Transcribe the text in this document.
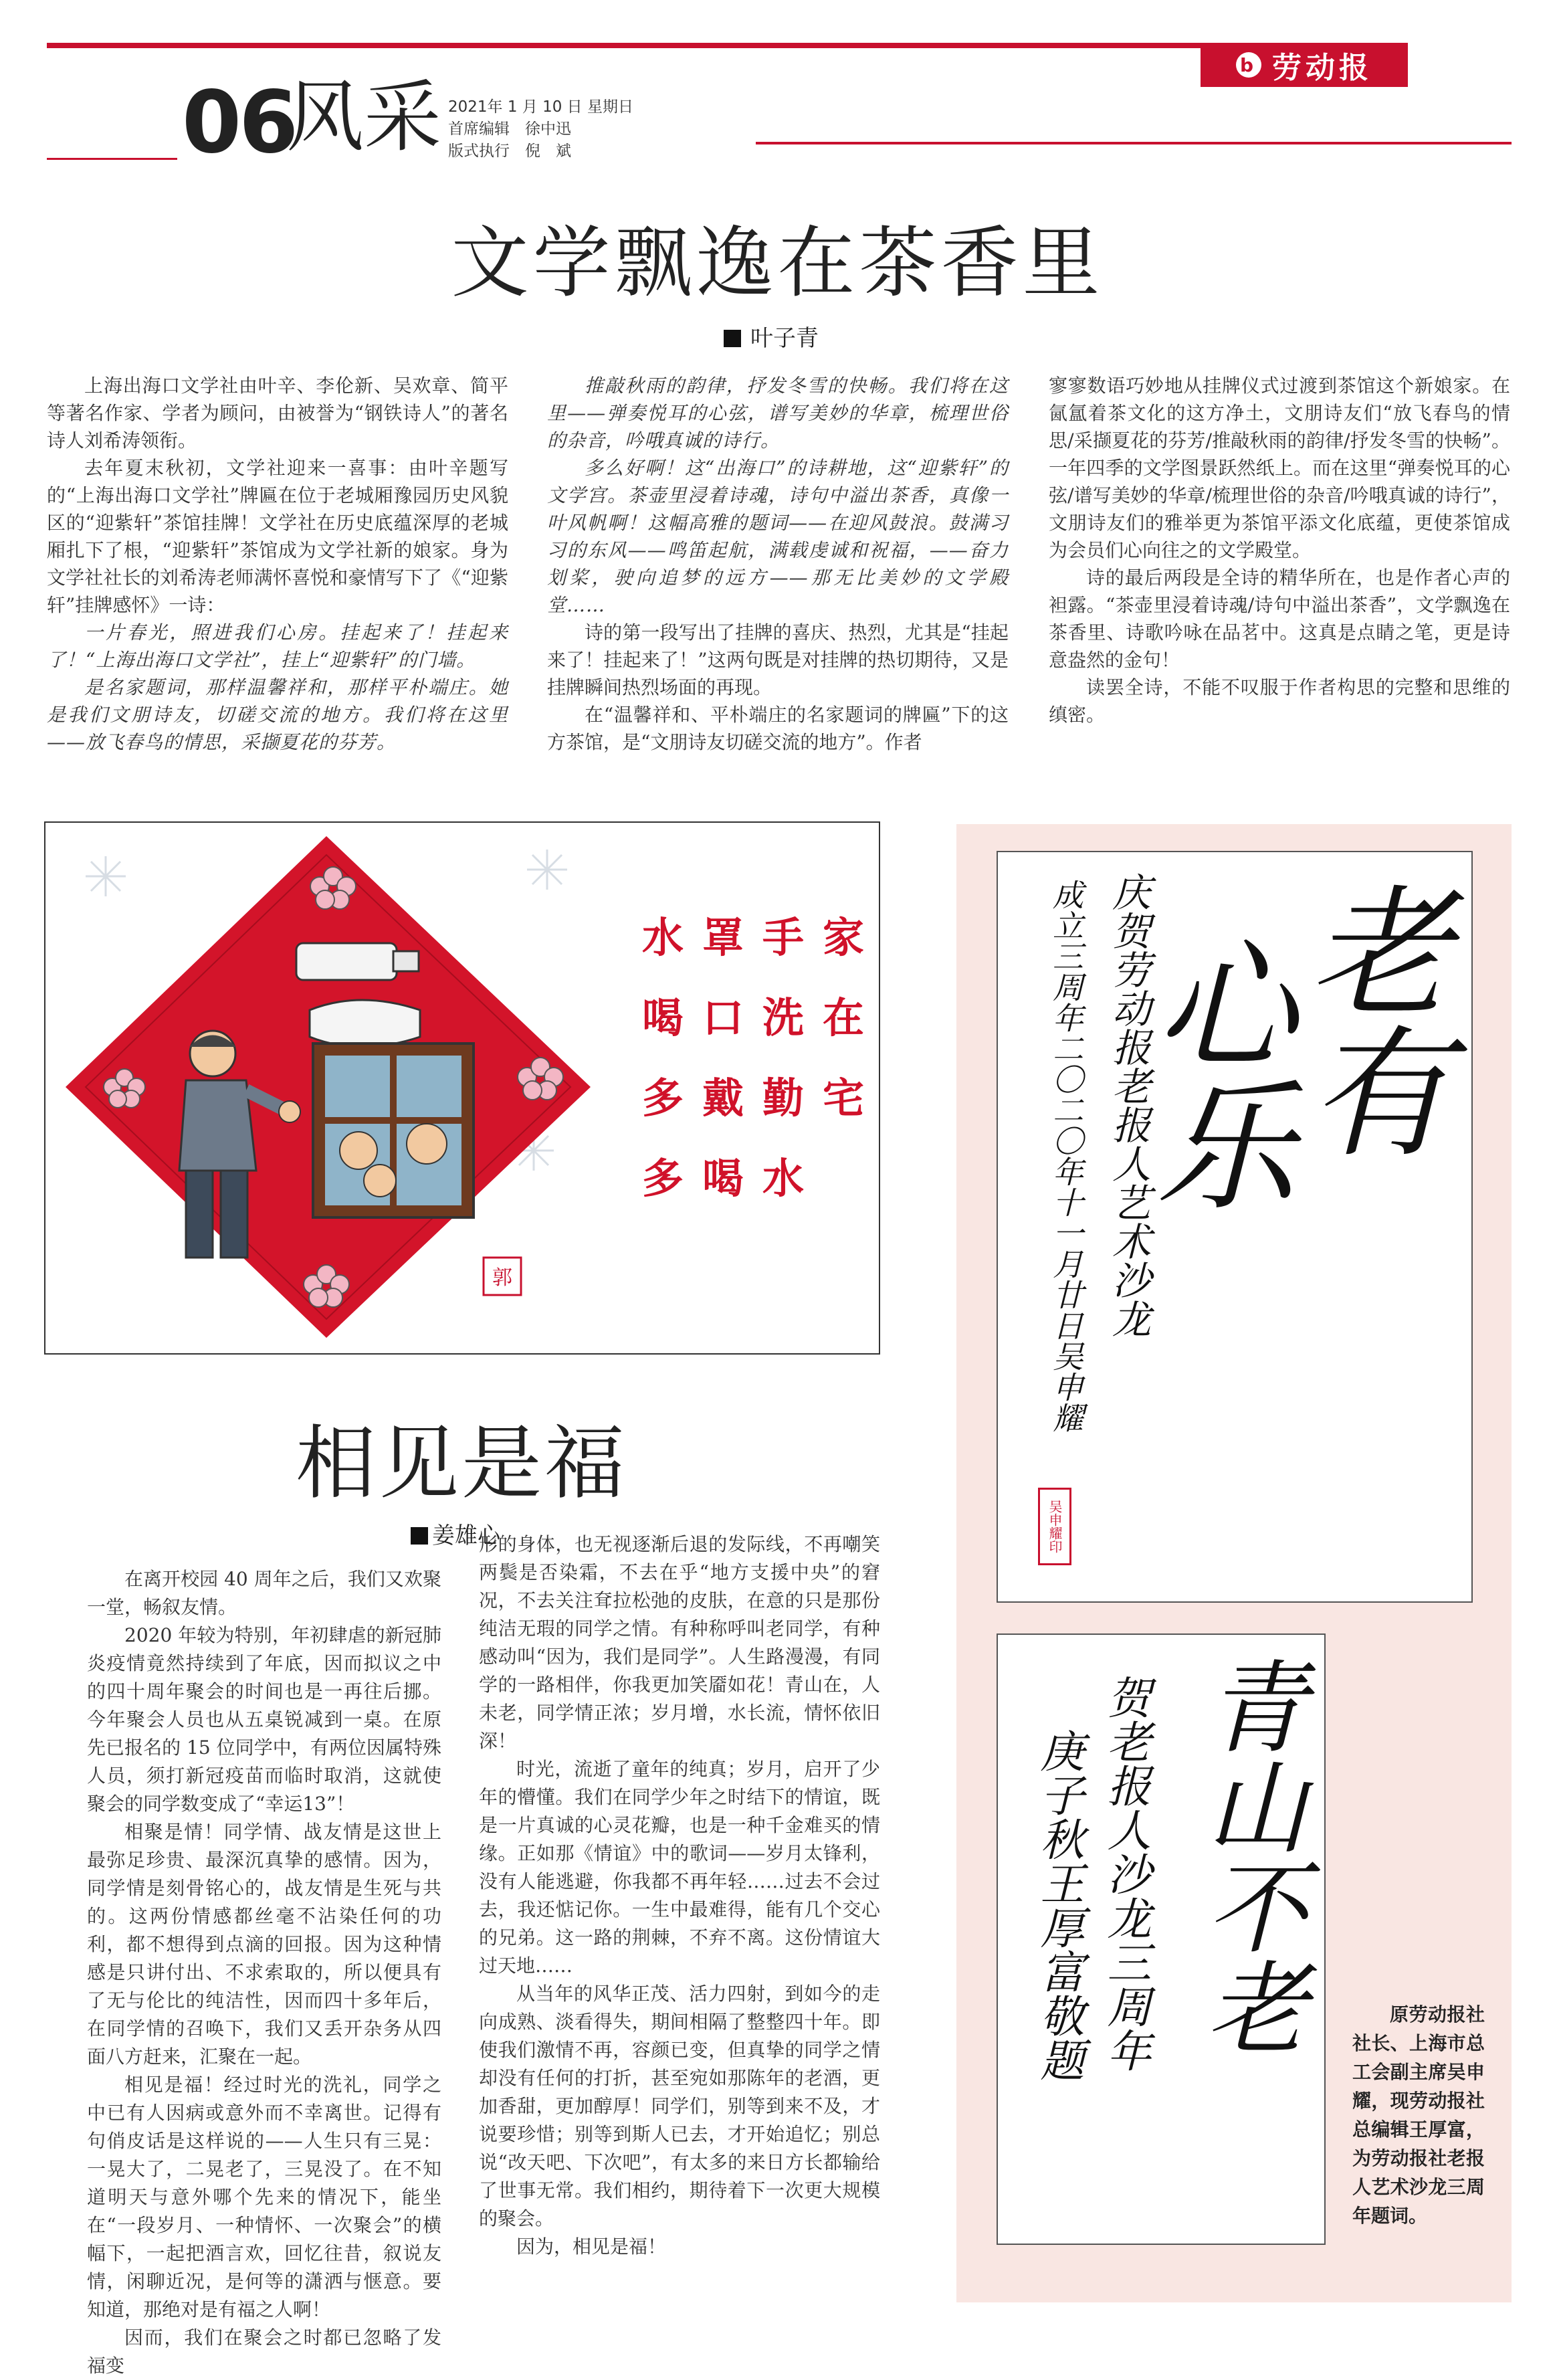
b 劳动报
06
风采 2021年 1 月 10 日 星期日
首席编辑　徐中迅
版式执行　倪　斌
文学飘逸在茶香里
叶子青

上海出海口文学社由叶辛、李伦新、吴欢章、简平等著名作家、学者为顾问，由被誉为“钢铁诗人”的著名诗人刘希涛领衔。

去年夏末秋初，文学社迎来一喜事：由叶辛题写的“上海出海口文学社”牌匾在位于老城厢豫园历史风貌区的“迎紫轩”茶馆挂牌！文学社在历史底蕴深厚的老城厢扎下了根，“迎紫轩”茶馆成为文学社新的娘家。身为文学社社长的刘希涛老师满怀喜悦和豪情写下了《“迎紫轩”挂牌感怀》一诗：

一片春光，照进我们心房。挂起来了！挂起来了！“上海出海口文学社”，挂上“迎紫轩”的门墙。

是名家题词，那样温馨祥和，那样平朴端庄。她是我们文朋诗友，切磋交流的地方。我们将在这里——放飞春鸟的情思，采撷夏花的芬芳。

推敲秋雨的韵律，抒发冬雪的快畅。我们将在这里——弹奏悦耳的心弦，谱写美妙的华章，梳理世俗的杂音，吟哦真诚的诗行。

多么好啊！这“出海口”的诗耕地，这“迎紫轩”的文学宫。茶壶里浸着诗魂，诗句中溢出茶香，真像一叶风帆啊！这幅高雅的题词——在迎风鼓浪。鼓满习习的东风——鸣笛起航，满载虔诚和祝福，——奋力划桨，驶向追梦的远方——那无比美妙的文学殿堂……

诗的第一段写出了挂牌的喜庆、热烈，尤其是“挂起来了！挂起来了！”这两句既是对挂牌的热切期待，又是挂牌瞬间热烈场面的再现。

在“温馨祥和、平朴端庄的名家题词的牌匾”下的这方茶馆，是“文朋诗友切磋交流的地方”。作者

寥寥数语巧妙地从挂牌仪式过渡到茶馆这个新娘家。在氤氲着茶文化的这方净土，文朋诗友们“放飞春鸟的情思/采撷夏花的芬芳/推敲秋雨的韵律/抒发冬雪的快畅”。一年四季的文学图景跃然纸上。而在这里“弹奏悦耳的心弦/谱写美妙的华章/梳理世俗的杂音/吟哦真诚的诗行”，文朋诗友们的雅举更为茶馆平添文化底蕴，更使茶馆成为会员们心向往之的文学殿堂。

诗的最后两段是全诗的精华所在，也是作者心声的袒露。“茶壶里浸着诗魂/诗句中溢出茶香”，文学飘逸在茶香里、诗歌吟咏在品茗中。这真是点睛之笔，更是诗意盎然的金句！

读罢全诗，不能不叹服于作者构思的完整和思维的缜密。

郭
水罩手家
喝口洗在
多戴勤宅
多喝水
相见是福
姜雄心

在离开校园 40 周年之后，我们又欢聚一堂，畅叙友情。

2020 年较为特别，年初肆虐的新冠肺炎疫情竟然持续到了年底，因而拟议之中的四十周年聚会的时间也是一再往后挪。今年聚会人员也从五桌锐减到一桌。在原先已报名的 15 位同学中，有两位因属特殊人员，须打新冠疫苗而临时取消，这就使聚会的同学数变成了“幸运13”！

相聚是情！同学情、战友情是这世上最弥足珍贵、最深沉真挚的感情。因为，同学情是刻骨铭心的，战友情是生死与共的。这两份情感都丝毫不沾染任何的功利，都不想得到点滴的回报。因为这种情感是只讲付出、不求索取的，所以便具有了无与伦比的纯洁性，因而四十多年后，在同学情的召唤下，我们又丢开杂务从四面八方赶来，汇聚在一起。

相见是福！经过时光的洗礼，同学之中已有人因病或意外而不幸离世。记得有句俏皮话是这样说的——人生只有三晃：一晃大了，二晃老了，三晃没了。在不知道明天与意外哪个先来的情况下，能坐在“一段岁月、一种情怀、一次聚会”的横幅下，一起把酒言欢，回忆往昔，叙说友情，闲聊近况，是何等的潇洒与惬意。要知道，那绝对是有福之人啊！

因而，我们在聚会之时都已忽略了发福变

形的身体，也无视逐渐后退的发际线，不再嘲笑两鬓是否染霜，不去在乎“地方支援中央”的窘况，不去关注耷拉松弛的皮肤，在意的只是那份纯洁无瑕的同学之情。有种称呼叫老同学，有种感动叫“因为，我们是同学”。人生路漫漫，有同学的一路相伴，你我更加笑靥如花！青山在，人未老，同学情正浓；岁月增，水长流，情怀依旧深！

时光，流逝了童年的纯真；岁月，启开了少年的懵懂。我们在同学少年之时结下的情谊，既是一片真诚的心灵花瓣，也是一种千金难买的情缘。正如那《情谊》中的歌词——岁月太锋利，没有人能逃避，你我都不再年轻……过去不会过去，我还惦记你。一生中最难得，能有几个交心的兄弟。这一路的荆棘，不弃不离。这份情谊大过天地……

从当年的风华正茂、活力四射，到如今的走向成熟、淡看得失，期间相隔了整整四十年。即使我们激情不再，容颜已变，但真挚的同学之情却没有任何的打折，甚至宛如那陈年的老酒，更加香甜，更加醇厚！同学们，别等到来不及，才说要珍惜；别等到斯人已去，才开始追忆；别总说“改天吧、下次吧”，有太多的来日方长都输给了世事无常。我们相约，期待着下一次更大规模的聚会。

因为，相见是福！

老有
心乐
庆贺劳动报老报人艺术沙龙
成立三周年二〇二〇年十一月廿日吴申耀
吴申耀印
青山不老
贺老报人沙龙三周年
庚子秋王厚富敬题	原劳动报社社长、上海市总工会副主席吴申耀，现劳动报社总编辑王厚富，为劳动报社老报人艺术沙龙三周年题词。
